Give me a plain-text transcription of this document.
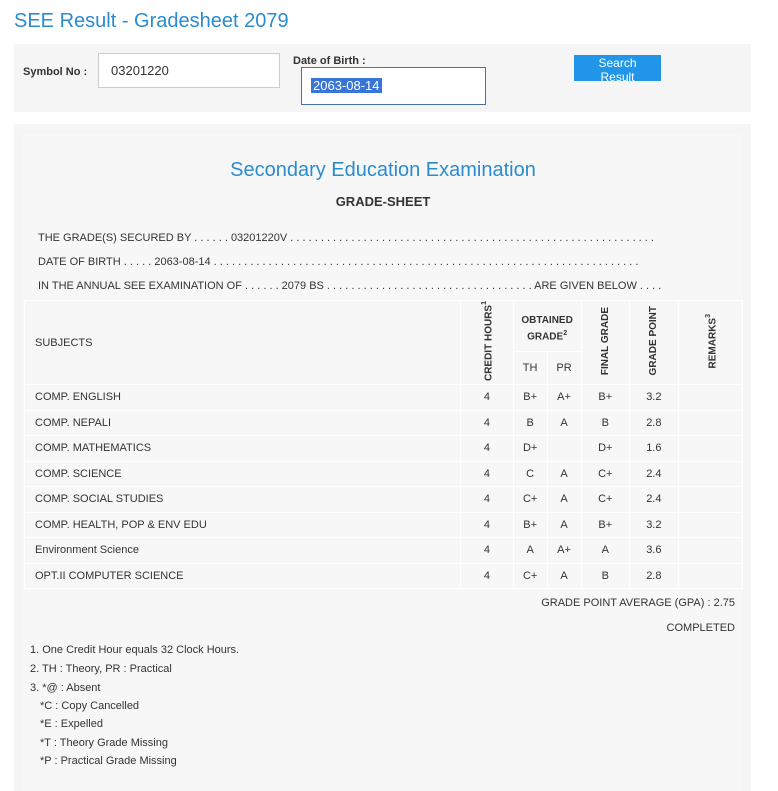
SEE Result - Gradesheet 2079
Symbol No :
03201220
Date of Birth :
2063-08-14
Search Result
Secondary Education Examination
GRADE-SHEET
THE GRADE(S) SECURED BY . . . . . . 03201220V . . . . . . . . . . . . . . . . . . . . . . . . . . . . . . . . . . . . . . . . . . . . . . . . . . . . . . . . . . . .
DATE OF BIRTH . . . . . 2063-08-14 . . . . . . . . . . . . . . . . . . . . . . . . . . . . . . . . . . . . . . . . . . . . . . . . . . . . . . . . . . . . . . . . . . . . . .
IN THE ANNUAL SEE EXAMINATION OF . . . . . . 2079 BS . . . . . . . . . . . . . . . . . . . . . . . . . . . . . . . . . . ARE GIVEN BELOW . . . .
SUBJECTS	CREDIT HOURS$^1$	OBTAINED GRADE$^2$		FINAL GRADE	GRADE POINT	REMARKS$^3$
		TH	PR			
COMP. ENGLISH	4	B+	A+	B+	3.2	
COMP. NEPALI	4	B	A	B	2.8	
COMP. MATHEMATICS	4	D+		D+	1.6	
COMP. SCIENCE	4	C	A	C+	2.4	
COMP. SOCIAL STUDIES	4	C+	A	C+	2.4	
COMP. HEALTH, POP & ENV EDU	4	B+	A	B+	3.2	
Environment Science	4	A	A+	A	3.6	
OPT.II COMPUTER SCIENCE	4	C+	A	B	2.8	
GRADE POINT AVERAGE (GPA) : 2.75
COMPLETED
1. One Credit Hour equals 32 Clock Hours.
2. TH : Theory, PR : Practical
3. *@ : Absent
*C : Copy Cancelled
*E : Expelled
*T : Theory Grade Missing
*P : Practical Grade Missing
